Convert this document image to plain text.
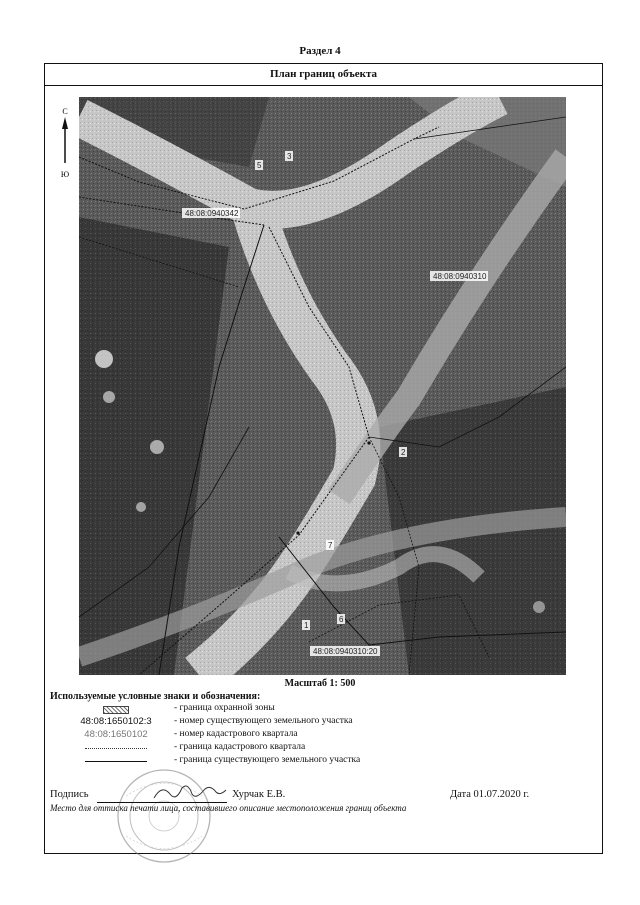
Раздел 4
План границ объекта
С
Ю
48:08:0940342
48:08:0940310
48:08:0940310:20
3
5
2
1
7
6
Масштаб 1: 500
Используемые условные знаки и обозначения:
- граница охранной зоны
48:08:1650102:3	- номер существующего земельного участка
48:08:1650102	- номер кадастрового квартала
- граница кадастрового квартала
- граница существующего земельного участка
Подпись	Хурчак Е.В.	Дата 01.07.2020 г.
Место для оттиска печати лица, составившего описание местоположения границ объекта
